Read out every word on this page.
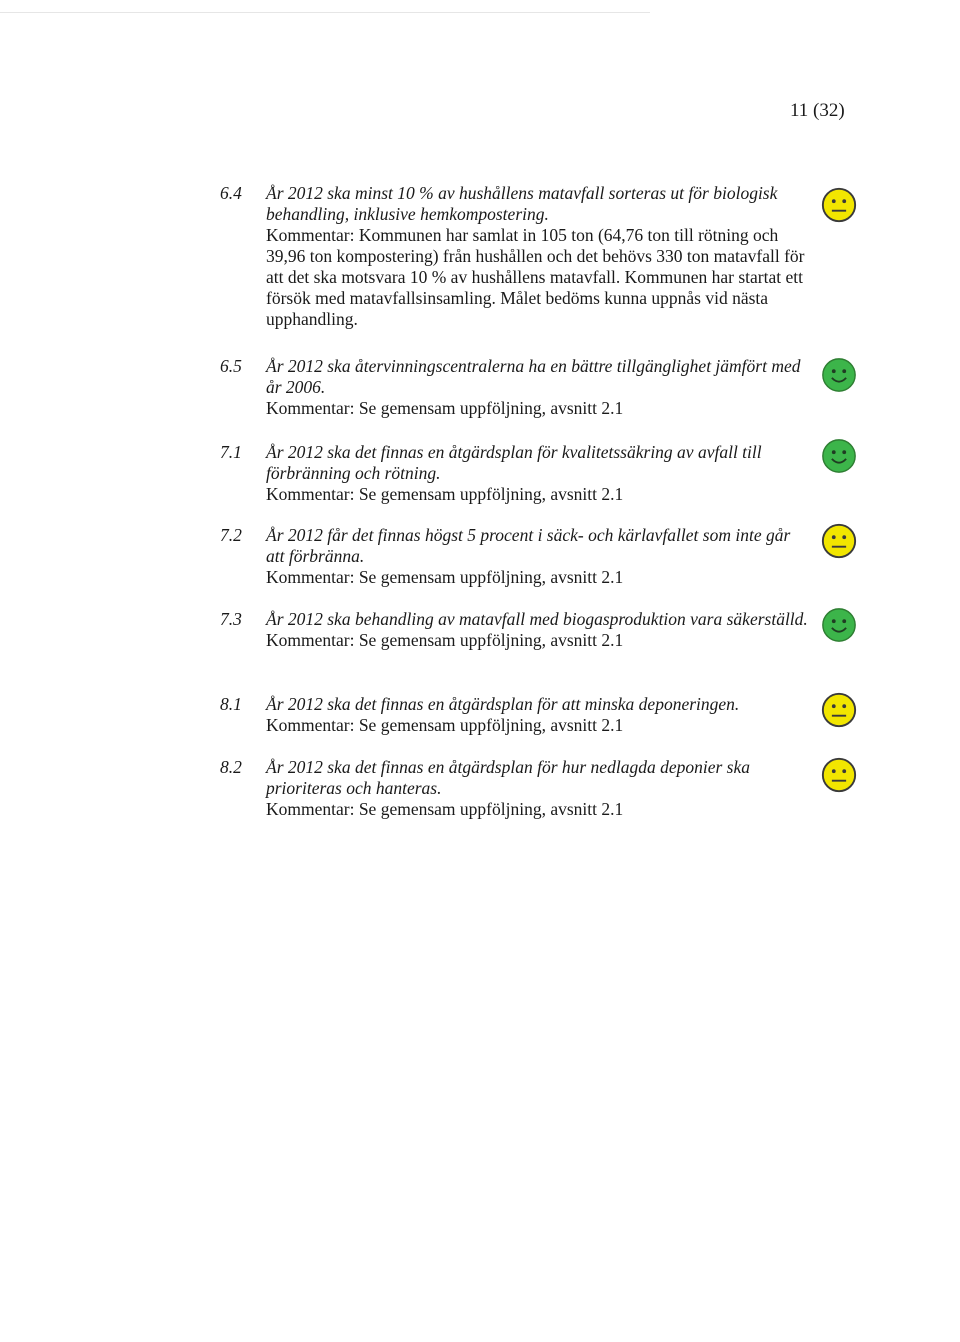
11 (32)
6.4 År 2012 ska minst 10 % av hushållens matavfall sorteras ut för biologisk behandling, inklusive hemkompostering.
Kommentar: Kommunen har samlat in 105 ton (64,76 ton till rötning och 39,96 ton kompostering) från hushållen och det behövs 330 ton matavfall för att det ska motsvara 10 % av hushållens matavfall. Kommunen har startat ett försök med matavfallsinsamling. Målet bedöms kunna uppnås vid nästa upphandling.
6.5 År 2012 ska återvinningscentralerna ha en bättre tillgänglighet jämfört med år 2006.
Kommentar: Se gemensam uppföljning, avsnitt 2.1
7.1 År 2012 ska det finnas en åtgärdsplan för kvalitetssäkring av avfall till förbränning och rötning.
Kommentar: Se gemensam uppföljning, avsnitt 2.1
7.2 År 2012 får det finnas högst 5 procent i säck- och kärlavfallet som inte går att förbränna.
Kommentar: Se gemensam uppföljning, avsnitt 2.1
7.3 År 2012 ska behandling av matavfall med biogasproduktion vara säkerställd.
Kommentar: Se gemensam uppföljning, avsnitt 2.1
8.1 År 2012 ska det finnas en åtgärdsplan för att minska deponeringen.
Kommentar: Se gemensam uppföljning, avsnitt 2.1
8.2 År 2012 ska det finnas en åtgärdsplan för hur nedlagda deponier ska prioriteras och hanteras.
Kommentar: Se gemensam uppföljning, avsnitt 2.1
